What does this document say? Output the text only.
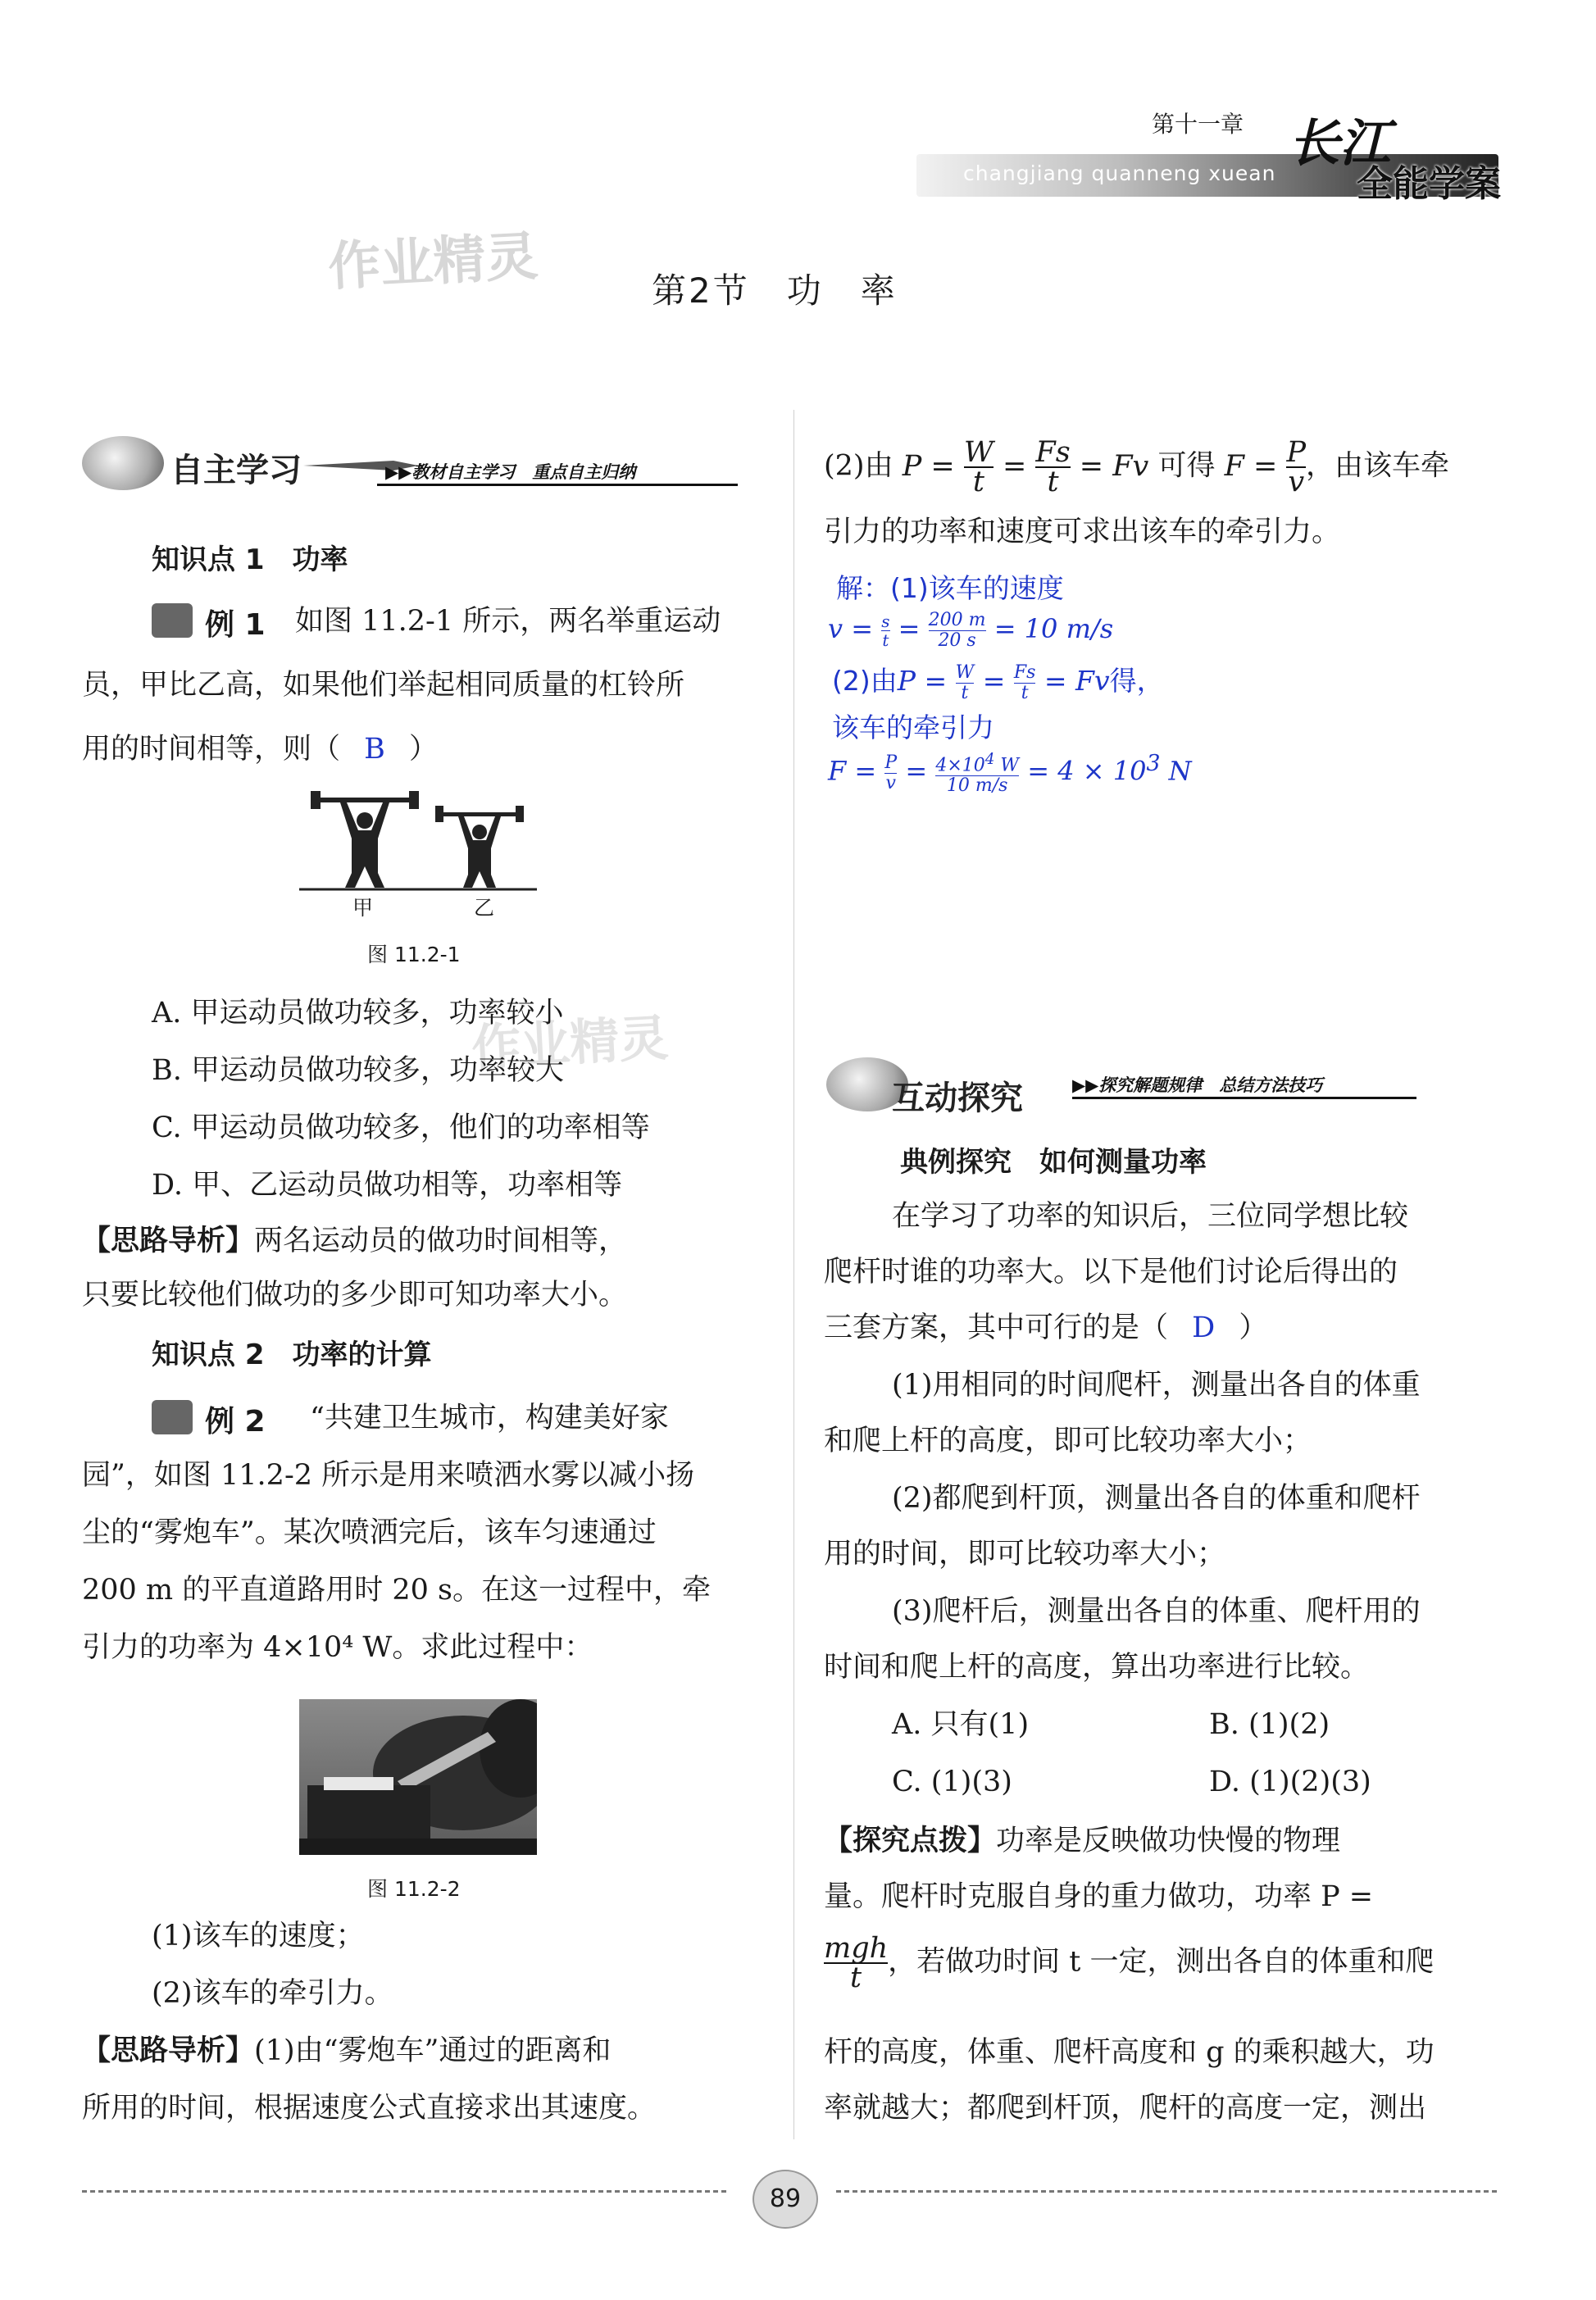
第十一章
changjiang quanneng xuean
长江
全能学案
作业精灵
作业精灵
第2节　功　率
自主学习	▶▶教材自主学习　重点自主归纳
知识点 1　功率
例 1 如图 11.2-1 所示，两名举重运动
员，甲比乙高，如果他们举起相同质量的杠铃所
用的时间相等，则（ B ）
甲	乙
图 11.2-1
A. 甲运动员做功较多，功率较小
B. 甲运动员做功较多，功率较大
C. 甲运动员做功较多，他们的功率相等
D. 甲、乙运动员做功相等，功率相等
【思路导析】两名运动员的做功时间相等，
只要比较他们做功的多少即可知功率大小。
知识点 2　功率的计算
例 2 “共建卫生城市，构建美好家
园”，如图 11.2-2 所示是用来喷洒水雾以减小扬
尘的“雾炮车”。某次喷洒完后，该车匀速通过
200 m 的平直道路用时 20 s。在这一过程中，牵
引力的功率为 4×10⁴ W。求此过程中：
图 11.2-2
(1)该车的速度；
(2)该车的牵引力。
【思路导析】(1)由“雾炮车”通过的距离和
所用的时间，根据速度公式直接求出其速度。
(2)由 $P = \frac{W}{t} = \frac{Fs}{t} = Fv$ 可得 $F = \frac{P}{v}$ ，由该车牵
引力的功率和速度可求出该车的牵引力。
解：(1)该车的速度
$v = \frac{s}{t} = \frac{200 m}{20 s} = 10$ m/s
(2)由$P = \frac{W}{t} = \frac{Fs}{t} = Fv$得，
该车的牵引力
$F = \frac{P}{v} = \frac{4\times 10^4 W}{10 m/s} = 4 \times 10^3$ N
互动探究	▶▶探究解题规律　总结方法技巧
典例探究　如何测量功率
在学习了功率的知识后，三位同学想比较
爬杆时谁的功率大。以下是他们讨论后得出的
三套方案，其中可行的是（ D ）
(1)用相同的时间爬杆，测量出各自的体重
和爬上杆的高度，即可比较功率大小；
(2)都爬到杆顶，测量出各自的体重和爬杆
用的时间，即可比较功率大小；
(3)爬杆后，测量出各自的体重、爬杆用的
时间和爬上杆的高度，算出功率进行比较。
A. 只有(1)	B. (1)(2)
C. (1)(3)	D. (1)(2)(3)
【探究点拨】功率是反映做功快慢的物理
量。爬杆时克服自身的重力做功，功率 P =
mgh
t ，若做功时间 t 一定，测出各自的体重和爬
杆的高度，体重、爬杆高度和 g 的乘积越大，功
率就越大；都爬到杆顶，爬杆的高度一定，测出
89
